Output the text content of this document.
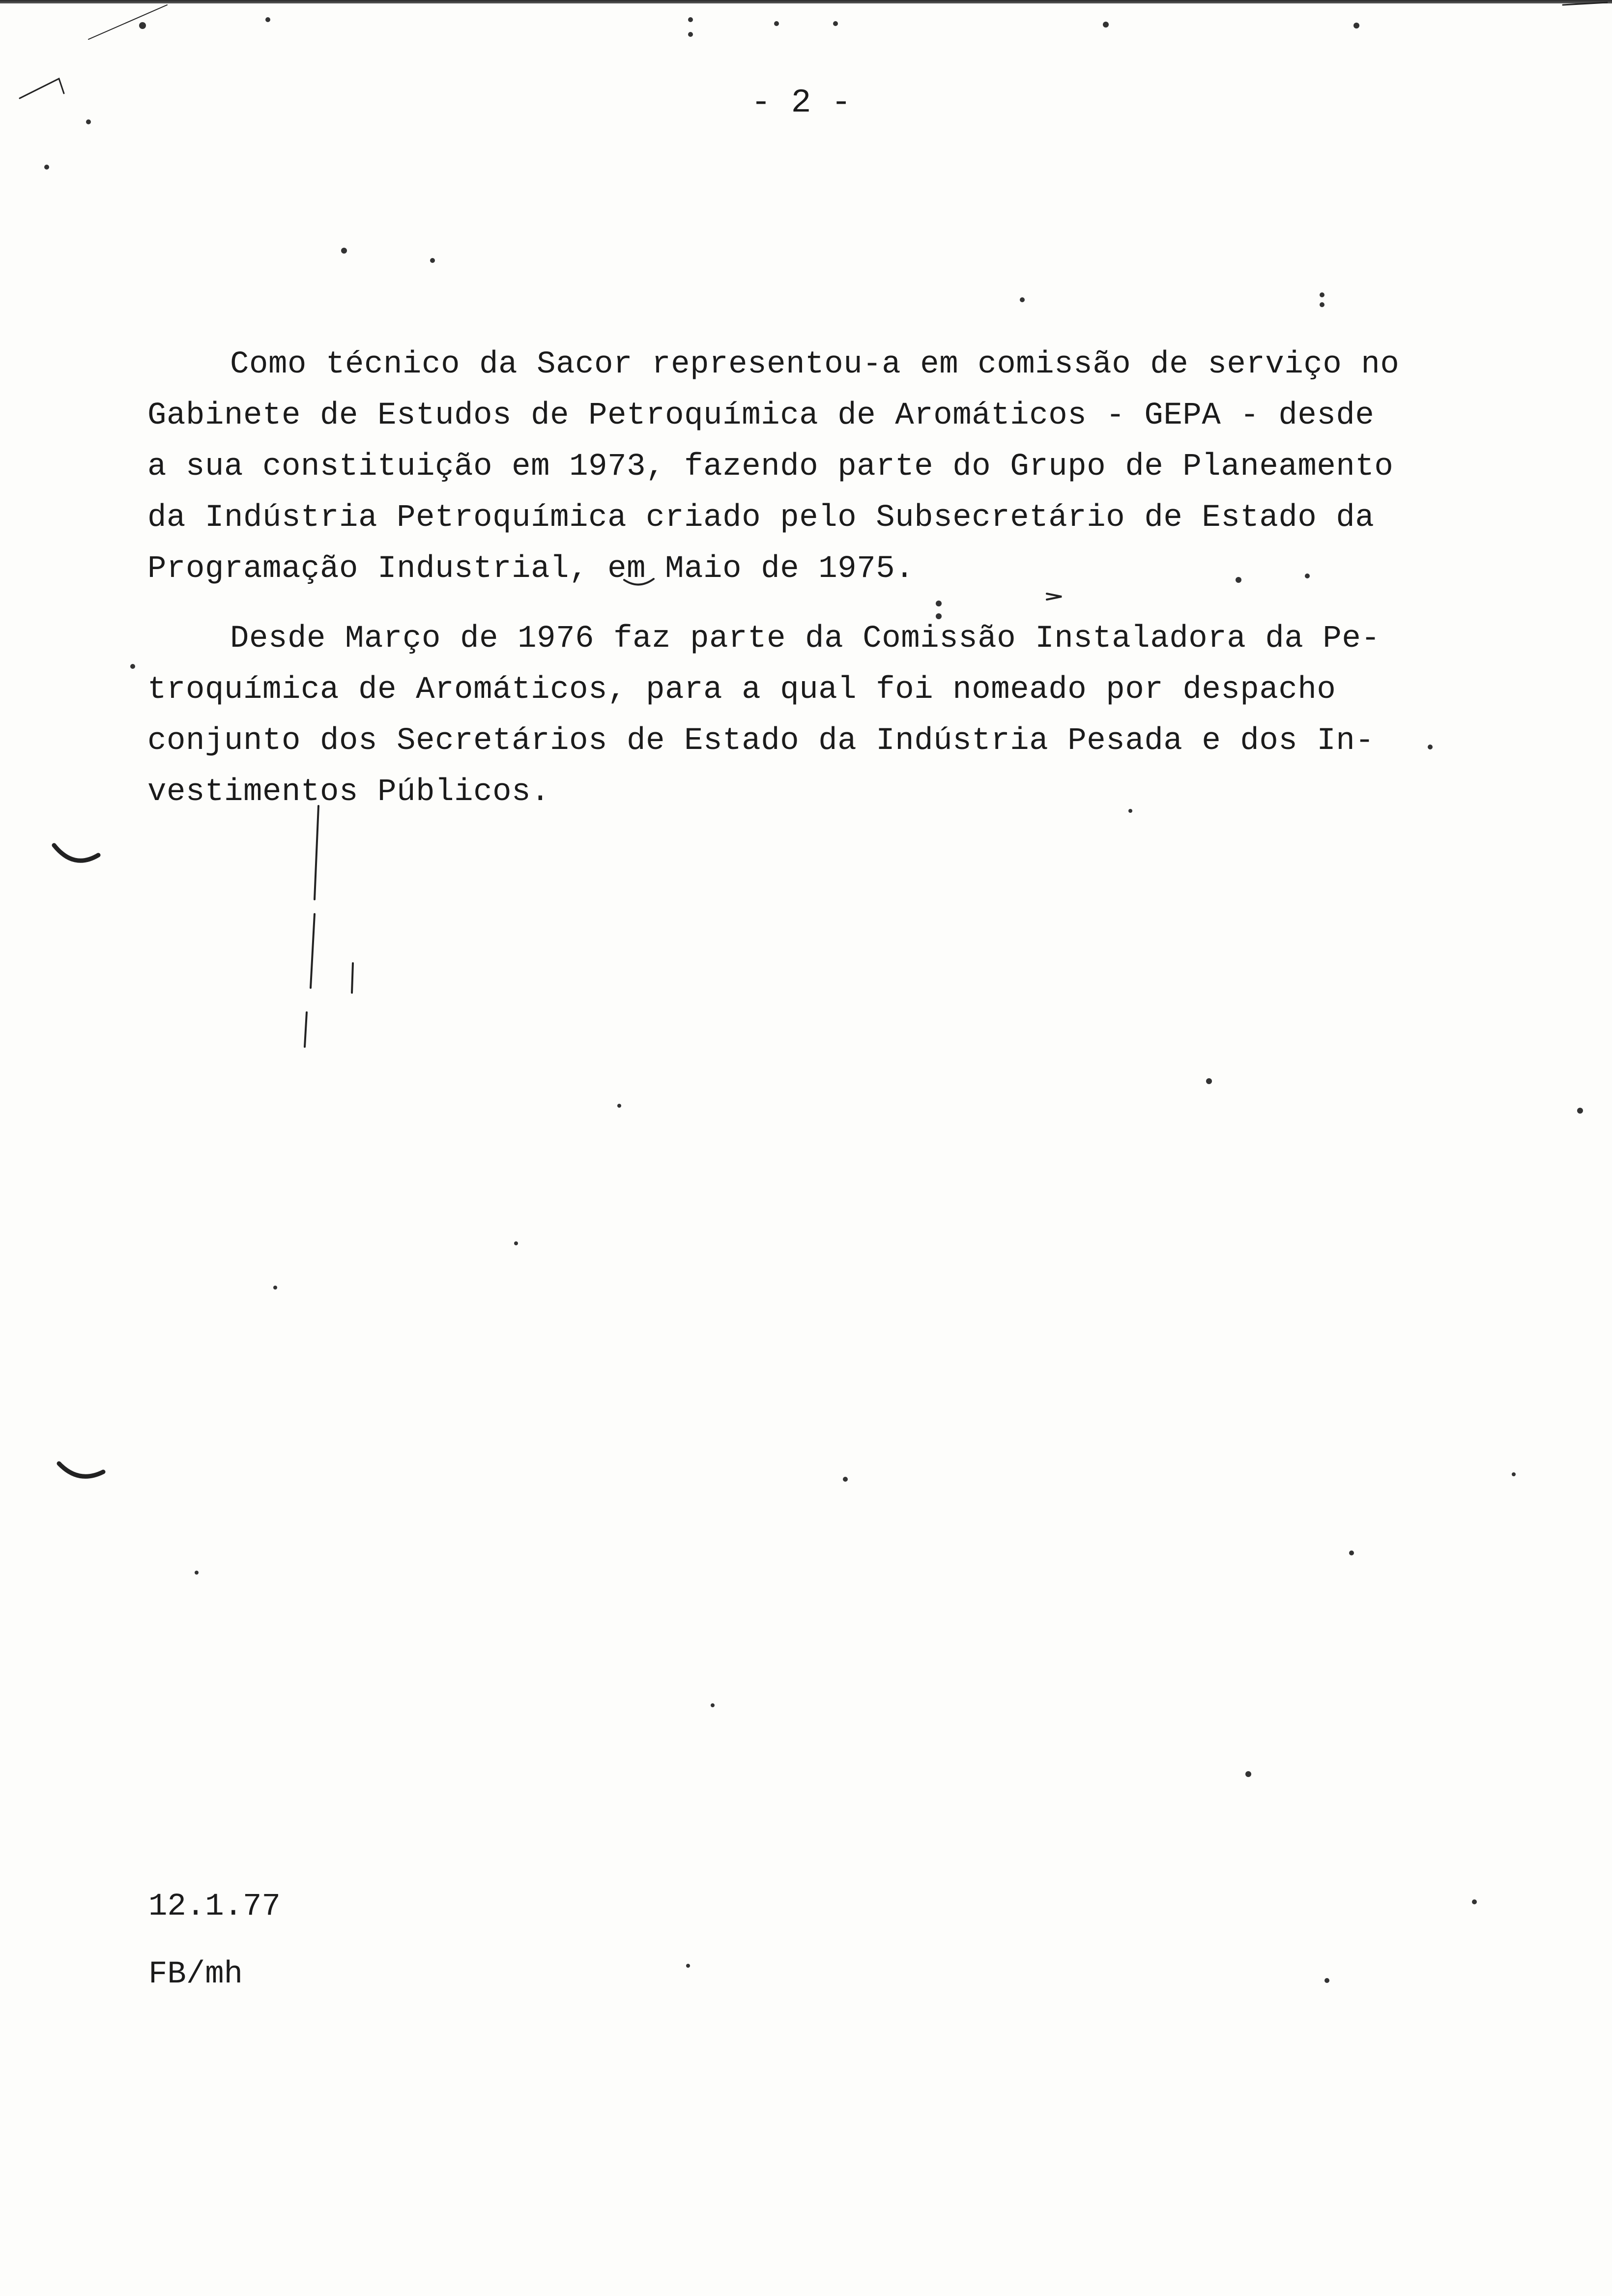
- 2 -

Como técnico da Sacor representou-a em comissão de serviço no
Gabinete de Estudos de Petroquímica de Aromáticos - GEPA - desde
a sua constituição em 1973, fazendo parte do Grupo de Planeamento
da Indústria Petroquímica criado pelo Subsecretário de Estado da
Programação Industrial, em Maio de 1975.

Desde Março de 1976 faz parte da Comissão Instaladora da Pe-
troquímica de Aromáticos, para a qual foi nomeado por despacho
conjunto dos Secretários de Estado da Indústria Pesada e dos In-
vestimentos Públicos.

12.1.77
FB/mh
